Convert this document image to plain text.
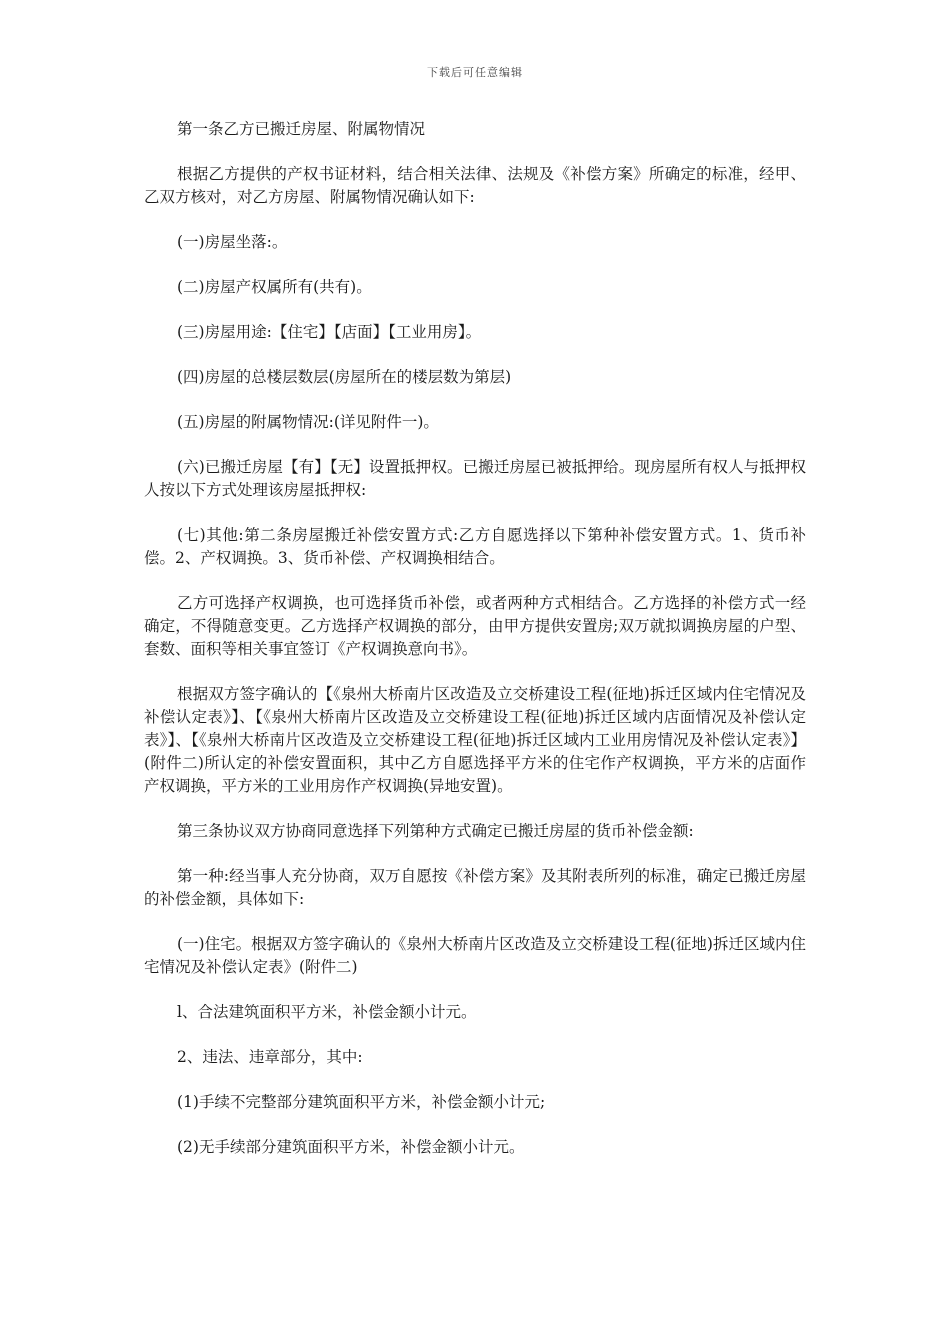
下载后可任意编辑

第一条乙方已搬迁房屋、附属物情况

根据乙方提供的产权书证材料，结合相关法律、法规及《补偿方案》所确定的标准，经甲、乙双方核对，对乙方房屋、附属物情况确认如下:

(一)房屋坐落:。

(二)房屋产权属所有(共有)。

(三)房屋用途:【住宅】【店面】【工业用房】。

(四)房屋的总楼层数层(房屋所在的楼层数为第层)

(五)房屋的附属物情况:(详见附件一)。

(六)已搬迁房屋【有】【无】设置抵押权。已搬迁房屋已被抵押给。现房屋所有权人与抵押权人按以下方式处理该房屋抵押权:

(七)其他:第二条房屋搬迁补偿安置方式:乙方自愿选择以下第种补偿安置方式。1、货币补偿。2、产权调换。3、货币补偿、产权调换相结合。

乙方可选择产权调换，也可选择货币补偿，或者两种方式相结合。乙方选择的补偿方式一经确定，不得随意变更。乙方选择产权调换的部分，由甲方提供安置房;双万就拟调换房屋的户型、套数、面积等相关事宜签订《产权调换意向书》。

根据双方签字确认的【《泉州大桥南片区改造及立交桥建设工程(征地)拆迁区域内住宅情况及补偿认定表》】、【《泉州大桥南片区改造及立交桥建设工程(征地)拆迁区域内店面情况及补偿认定表》】、【《泉州大桥南片区改造及立交桥建设工程(征地)拆迁区域内工业用房情况及补偿认定表》】(附件二)所认定的补偿安置面积，其中乙方自愿选择平方米的住宅作产权调换，平方米的店面作产权调换，平方米的工业用房作产权调换(异地安置)。

第三条协议双方协商同意选择下列第种方式确定已搬迁房屋的货币补偿金额:

第一种:经当事人充分协商，双万自愿按《补偿方案》及其附表所列的标准，确定已搬迁房屋的补偿金额，具体如下:

(一)住宅。根据双方签字确认的《泉州大桥南片区改造及立交桥建设工程(征地)拆迁区域内住宅情况及补偿认定表》(附件二)

l、合法建筑面积平方米，补偿金额小计元。

2、违法、违章部分，其中:

(1)手续不完整部分建筑面积平方米，补偿金额小计元;

(2)无手续部分建筑面积平方米，补偿金额小计元。
